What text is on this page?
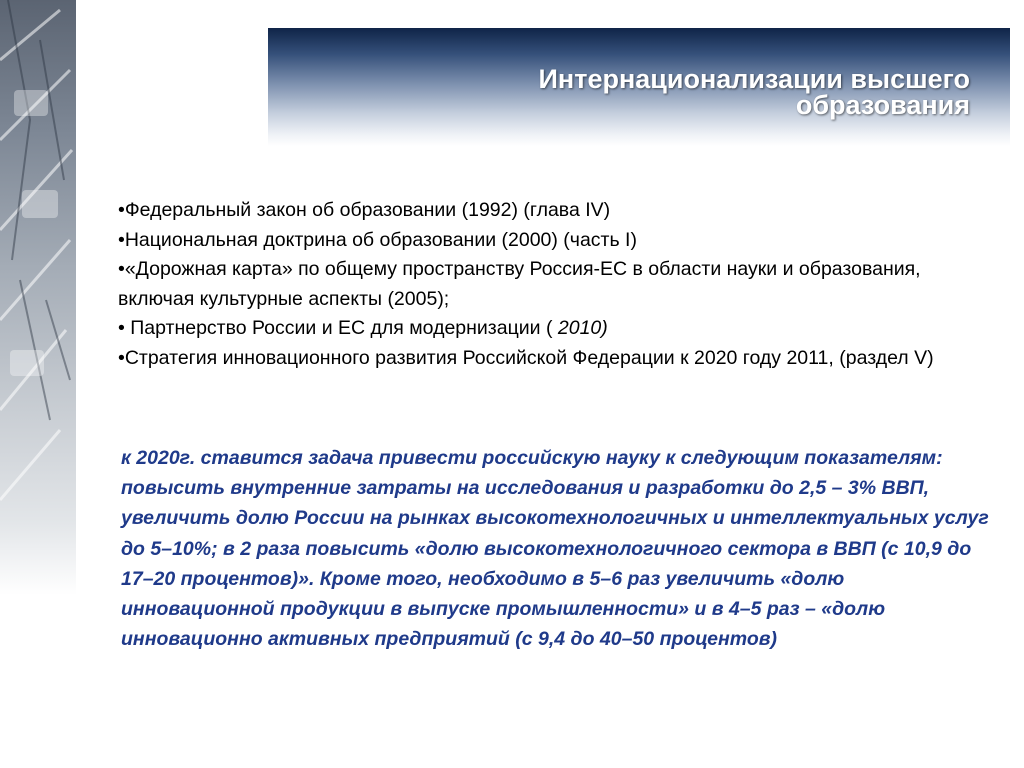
Интернационализации высшего
образования

•Федеральный закон об образовании (1992) (глава IV)

•Национальная доктрина об образовании (2000) (часть I)

•«Дорожная карта» по общему пространству Россия-ЕС в области науки и образования, включая культурные аспекты (2005);

• Партнерство России и ЕС для модернизации ( 2010)

•Стратегия инновационного развития Российской Федерации к 2020 году 2011, (раздел V)

к 2020г. ставится задача привести российскую науку к следующим показателям: повысить внутренние затраты на исследования и разработки до 2,5 – 3% ВВП, увеличить долю России на рынках высокотехнологичных и интеллектуальных услуг до 5–10%; в 2 раза повысить «долю высокотехнологичного сектора в ВВП (с 10,9 до 17–20 процентов)». Кроме того, необходимо в 5–6 раз увеличить «долю инновационной продукции в выпуске промышленности» и в 4–5 раз – «долю инновационно активных предприятий (с 9,4 до 40–50 процентов)
